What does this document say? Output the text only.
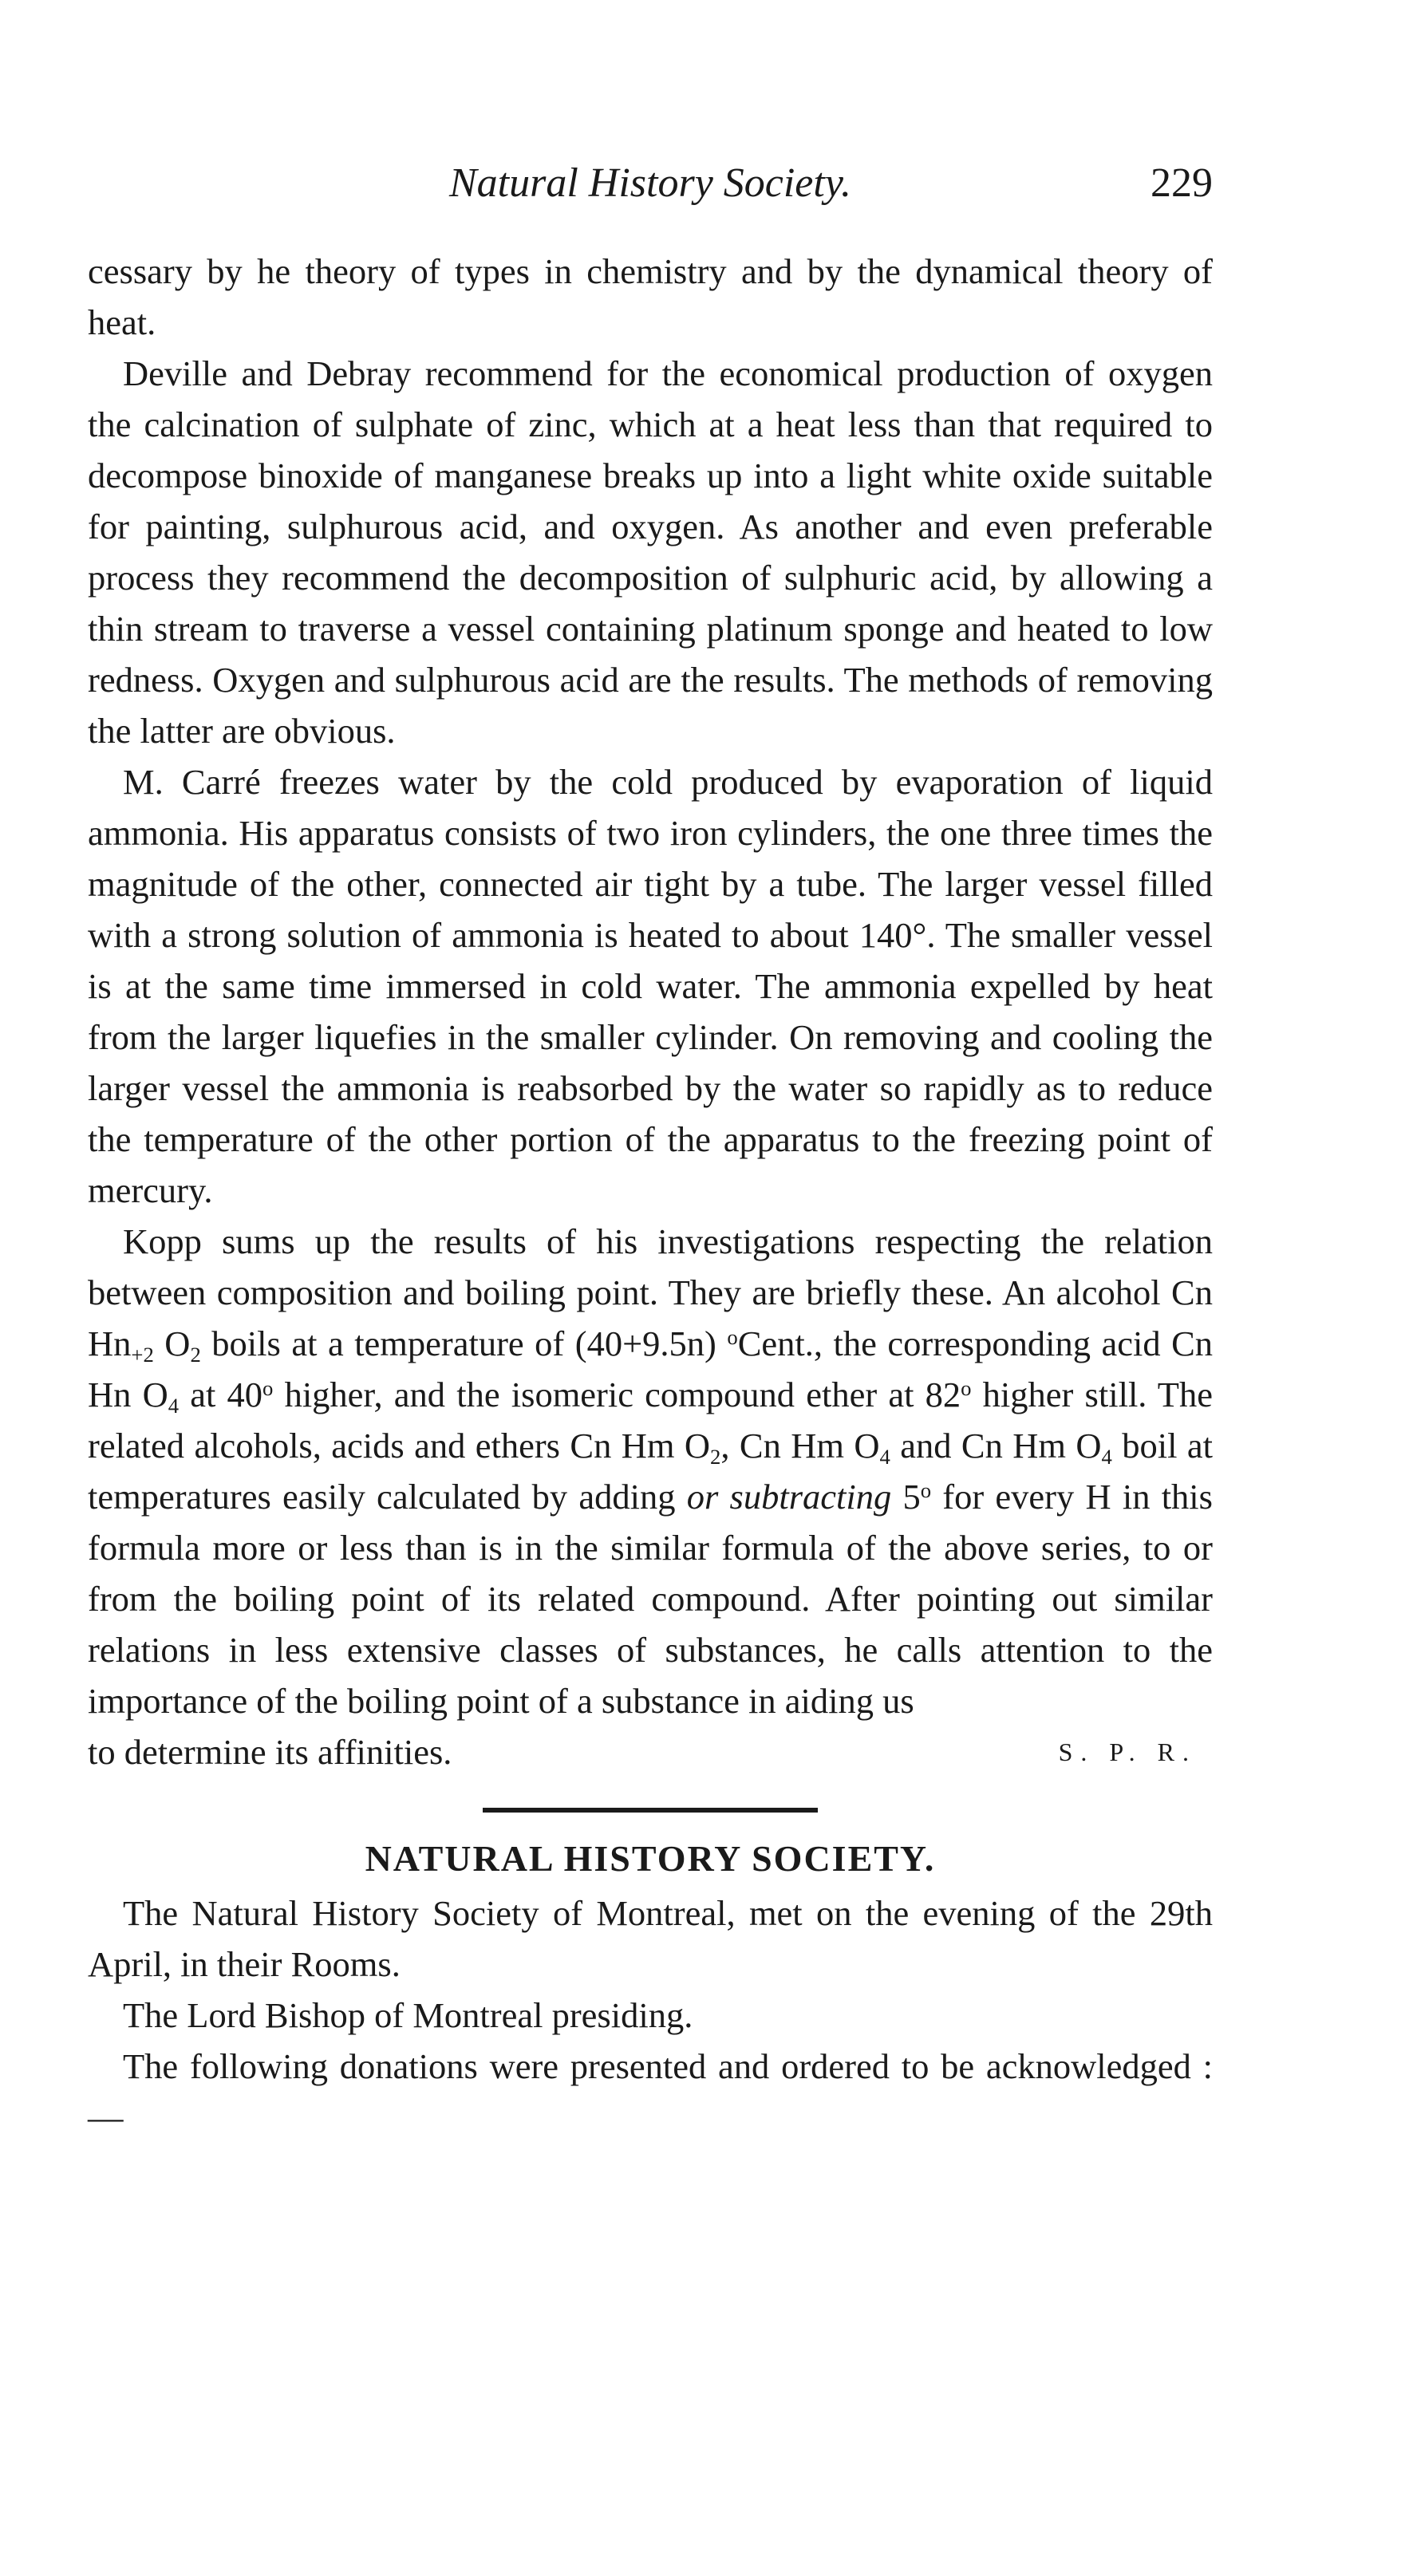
Natural History Society.	229

cessary by he theory of types in chemistry and by the dynamical theory of heat.

Deville and Debray recommend for the economical production of oxygen the calcination of sulphate of zinc, which at a heat less than that required to decompose binoxide of manganese breaks up into a light white oxide suitable for painting, sulphurous acid, and oxygen. As another and even preferable process they recommend the decomposition of sulphuric acid, by allowing a thin stream to traverse a vessel containing platinum sponge and heated to low redness. Oxygen and sulphurous acid are the results. The methods of removing the latter are obvious.

M. Carré freezes water by the cold produced by evaporation of liquid ammonia. His apparatus consists of two iron cylinders, the one three times the magnitude of the other, connected air tight by a tube. The larger vessel filled with a strong solution of ammonia is heated to about 140°. The smaller vessel is at the same time immersed in cold water. The ammonia expelled by heat from the larger liquefies in the smaller cylinder. On removing and cooling the larger vessel the ammonia is reabsorbed by the water so rapidly as to reduce the temperature of the other portion of the apparatus to the freezing point of mercury.

Kopp sums up the results of his investigations respecting the relation between composition and boiling point. They are briefly these. An alcohol Cn $Hn_{+2}$ $O_2$ boils at a temperature of (40+9.5n) $^o$Cent., the corresponding acid Cn Hn $O_4$ at 40$^o$ higher, and the isomeric compound ether at 82$^o$ higher still. The related alcohols, acids and ethers Cn Hm $O_2$, Cn Hm $O_4$ and Cn Hm $O_4$ boil at temperatures easily calculated by adding or subtracting 5$^o$ for every H in this formula more or less than is in the similar formula of the above series, to or from the boiling point of its related compound. After pointing out similar relations in less extensive classes of substances, he calls attention to the importance of the boiling point of a substance in aiding us

to determine its affinities.	S. P. R.
NATURAL HISTORY SOCIETY.

The Natural History Society of Montreal, met on the evening of the 29th April, in their Rooms.

The Lord Bishop of Montreal presiding.

The following donations were presented and ordered to be acknowledged :—
